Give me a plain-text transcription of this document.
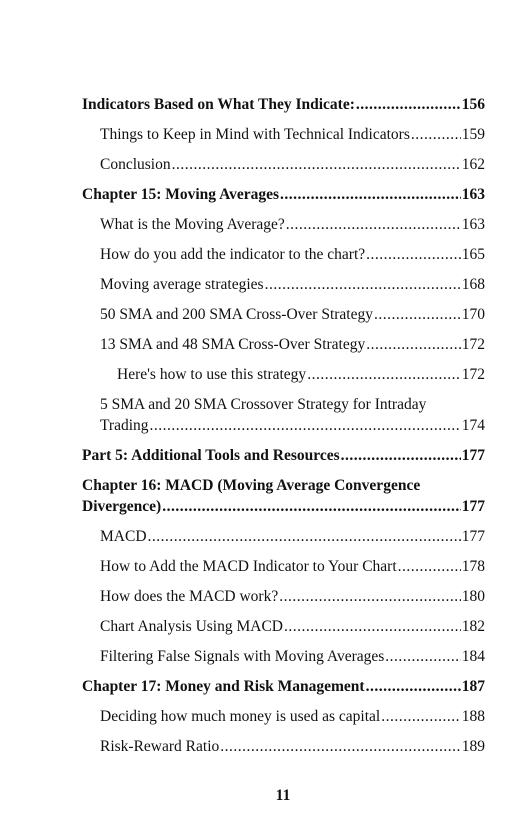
Indicators Based on What They Indicate: .....	156
Things to Keep in Mind with Technical Indicators .....	159
Conclusion .....	162
Chapter 15: Moving Averages .....	163
What is the Moving Average? .....	163
How do you add the indicator to the chart? .....	165
Moving average strategies .....	168
50 SMA and 200 SMA Cross-Over Strategy .....	170
13 SMA and 48 SMA Cross-Over Strategy .....	172
Here's how to use this strategy .....	172
5 SMA and 20 SMA Crossover Strategy for Intraday
Trading .....	174
Part 5: Additional Tools and Resources .....	177
Chapter 16: MACD (Moving Average Convergence
Divergence) .....	177
MACD .....	177
How to Add the MACD Indicator to Your Chart .....	178
How does the MACD work? .....	180
Chart Analysis Using MACD .....	182
Filtering False Signals with Moving Averages .....	184
Chapter 17: Money and Risk Management .....	187
Deciding how much money is used as capital .....	188
Risk-Reward Ratio .....	189
11
